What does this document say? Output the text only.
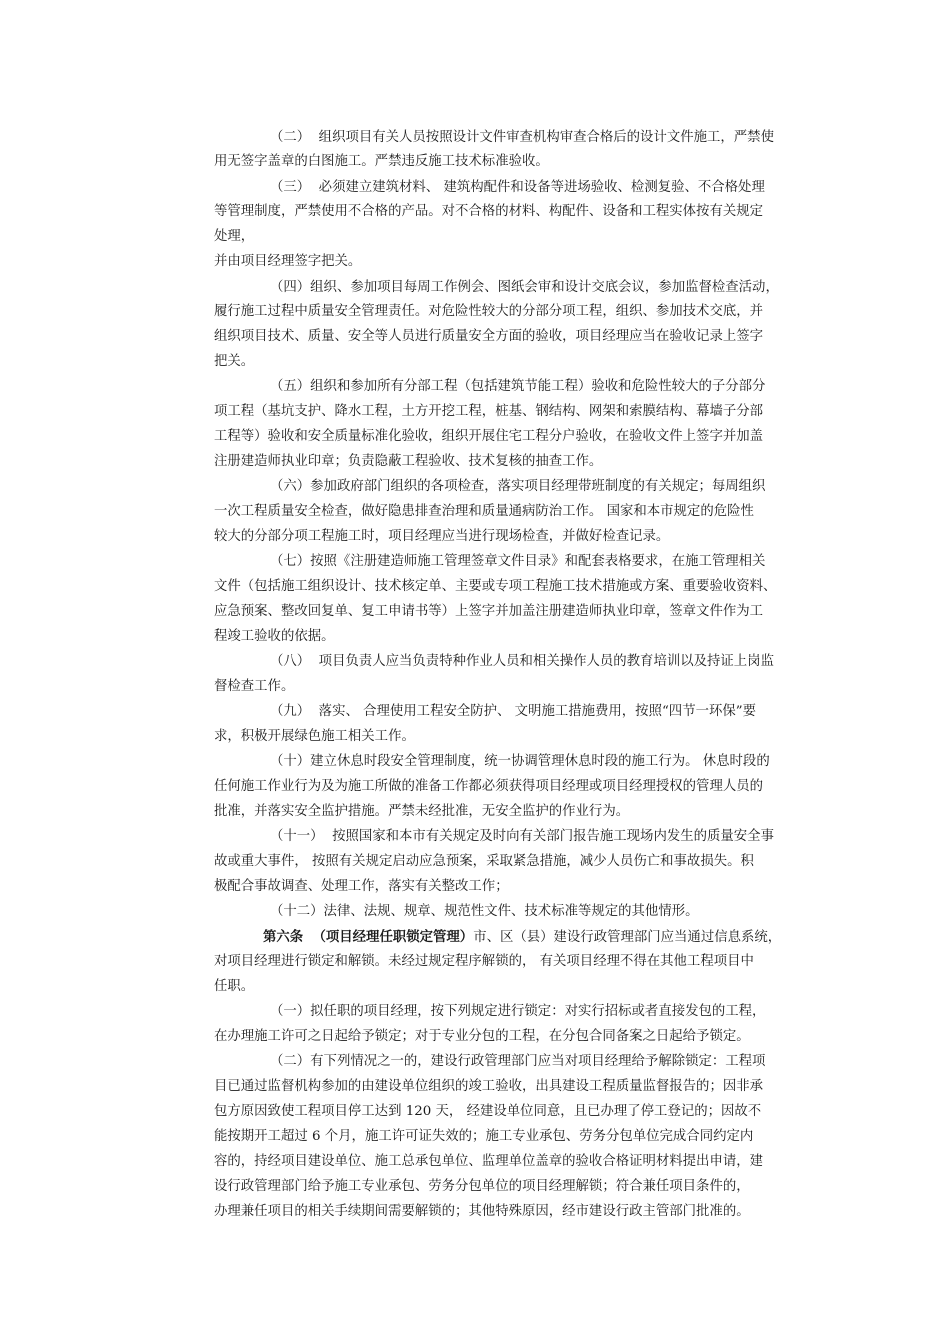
（二）  组织项目有关人员按照设计文件审查机构审查合格后的设计文件施工，严禁使
用无签字盖章的白图施工。严禁违反施工技术标准验收。
（三）  必须建立建筑材料、 建筑构配件和设备等进场验收、检测复验、不合格处理
等管理制度，严禁使用不合格的产品。对不合格的材料、构配件、设备和工程实体按有关规定
处理，
并由项目经理签字把关。
（四）组织、参加项目每周工作例会、图纸会审和设计交底会议，参加监督检查活动，
履行施工过程中质量安全管理责任。对危险性较大的分部分项工程，组织、参加技术交底，并
组织项目技术、质量、安全等人员进行质量安全方面的验收，项目经理应当在验收记录上签字
把关。
（五）组织和参加所有分部工程（包括建筑节能工程）验收和危险性较大的子分部分
项工程（基坑支护、降水工程，土方开挖工程，桩基、钢结构、网架和索膜结构、幕墙子分部
工程等）验收和安全质量标准化验收，组织开展住宅工程分户验收，在验收文件上签字并加盖
注册建造师执业印章；负责隐蔽工程验收、技术复核的抽查工作。
（六）参加政府部门组织的各项检查，落实项目经理带班制度的有关规定；每周组织
一次工程质量安全检查，做好隐患排查治理和质量通病防治工作。 国家和本市规定的危险性
较大的分部分项工程施工时，项目经理应当进行现场检查，并做好检查记录。
（七）按照《注册建造师施工管理签章文件目录》和配套表格要求，在施工管理相关
文件（包括施工组织设计、技术核定单、主要或专项工程施工技术措施或方案、重要验收资料、
应急预案、整改回复单、复工申请书等）上签字并加盖注册建造师执业印章，签章文件作为工
程竣工验收的依据。
（八）  项目负责人应当负责特种作业人员和相关操作人员的教育培训以及持证上岗监
督检查工作。
（九）  落实、 合理使用工程安全防护、 文明施工措施费用，按照“四节一环保”要
求，积极开展绿色施工相关工作。
（十）建立休息时段安全管理制度，统一协调管理休息时段的施工行为。 休息时段的
任何施工作业行为及为施工所做的准备工作都必须获得项目经理或项目经理授权的管理人员的
批准，并落实安全监护措施。严禁未经批准，无安全监护的作业行为。
（十一）  按照国家和本市有关规定及时向有关部门报告施工现场内发生的质量安全事
故或重大事件， 按照有关规定启动应急预案，采取紧急措施，减少人员伤亡和事故损失。积
极配合事故调查、处理工作，落实有关整改工作；
（十二）法律、法规、规章、规范性文件、技术标准等规定的其他情形。
第六条  （项目经理任职锁定管理）市、区（县）建设行政管理部门应当通过信息系统，
对项目经理进行锁定和解锁。未经过规定程序解锁的， 有关项目经理不得在其他工程项目中
任职。
（一）拟任职的项目经理，按下列规定进行锁定：对实行招标或者直接发包的工程，
在办理施工许可之日起给予锁定；对于专业分包的工程，在分包合同备案之日起给予锁定。
（二）有下列情况之一的，建设行政管理部门应当对项目经理给予解除锁定：工程项
目已通过监督机构参加的由建设单位组织的竣工验收，出具建设工程质量监督报告的；因非承
包方原因致使工程项目停工达到 120 天， 经建设单位同意，且已办理了停工登记的；因故不
能按期开工超过 6 个月，施工许可证失效的；施工专业承包、劳务分包单位完成合同约定内
容的，持经项目建设单位、施工总承包单位、监理单位盖章的验收合格证明材料提出申请，建
设行政管理部门给予施工专业承包、劳务分包单位的项目经理解锁；符合兼任项目条件的，
办理兼任项目的相关手续期间需要解锁的；其他特殊原因，经市建设行政主管部门批准的。
